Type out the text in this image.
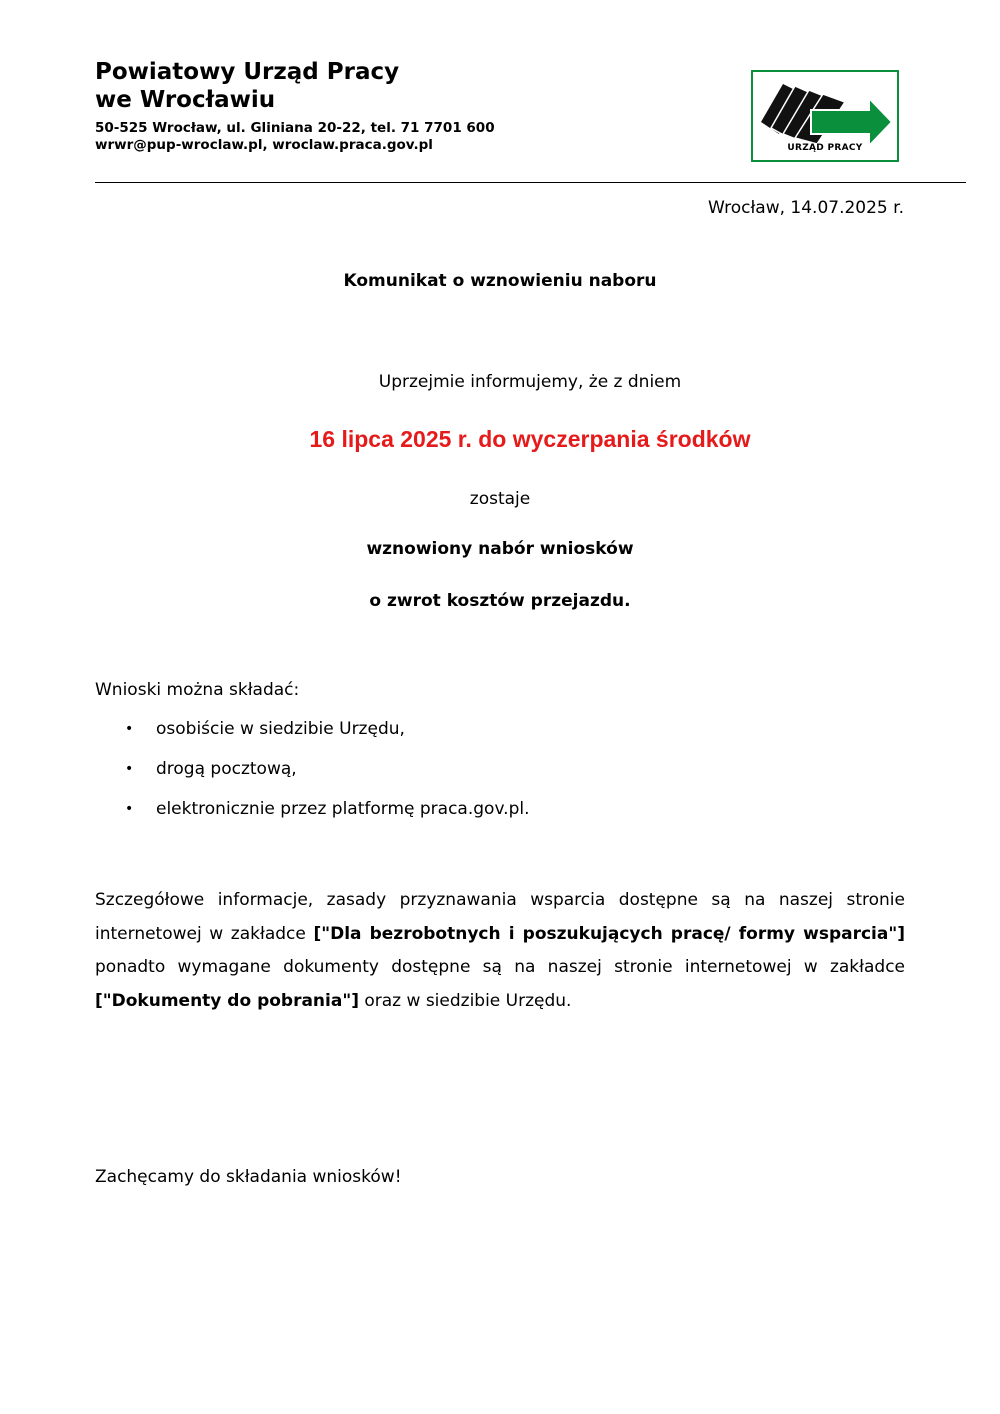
Powiatowy Urząd Pracy

we Wrocławiu

50-525 Wrocław, ul. Gliniana 20-22, tel. 71 7701 600

wrwr@pup-wroclaw.pl, wroclaw.praca.gov.pl	URZĄD PRACY
Wrocław, 14.07.2025 r.
Komunikat o wznowieniu naboru
Uprzejmie informujemy, że z dniem
16 lipca 2025 r. do wyczerpania środków
zostaje
wznowiony nabór wniosków
o zwrot kosztów przejazdu.
Wnioski można składać:
• osobiście w siedzibie Urzędu,
• drogą pocztową,
• elektronicznie przez platformę praca.gov.pl.

Szczegółowe informacje, zasady przyznawania wsparcia dostępne są na naszej stronie internetowej w zakładce ["Dla bezrobotnych i poszukujących pracę/ formy wsparcia"] ponadto wymagane dokumenty dostępne są na naszej stronie internetowej w zakładce ["Dokumenty do pobrania"] oraz w siedzibie Urzędu.

Zachęcamy do składania wniosków!
